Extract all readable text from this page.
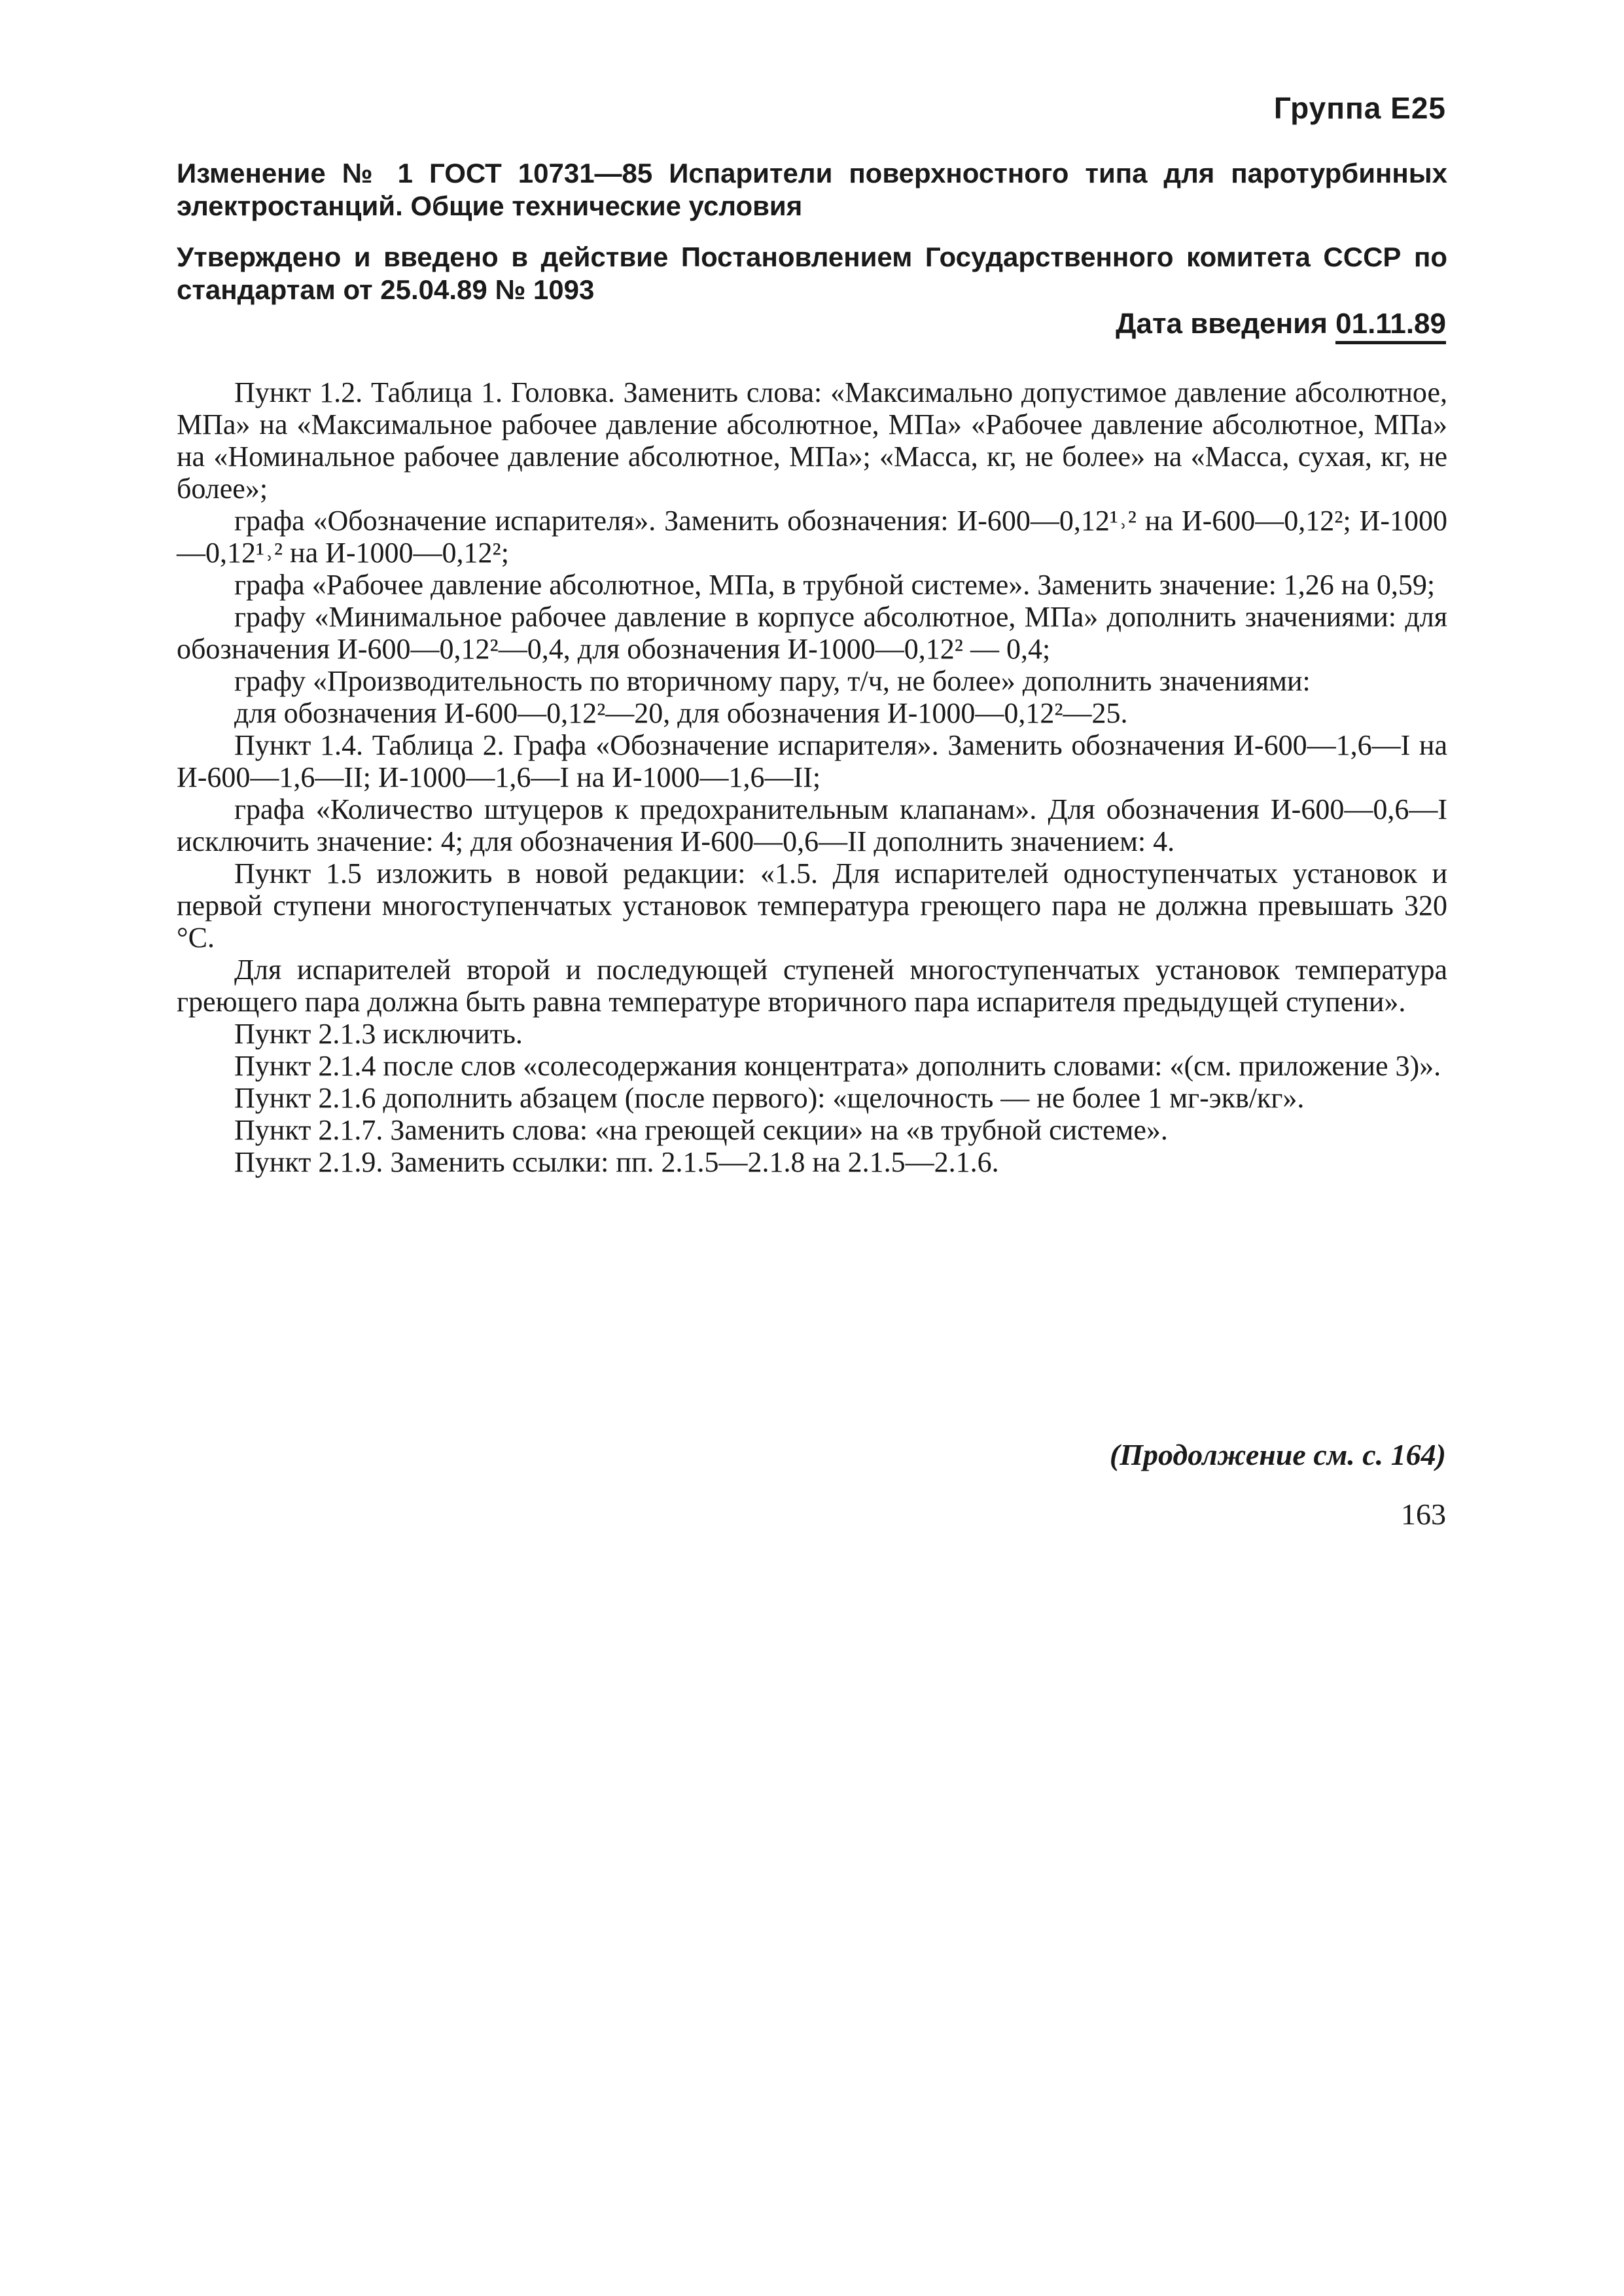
Группа Е25
Изменение № 1 ГОСТ 10731—85 Испарители поверхностного типа для паротурбинных электростанций. Общие технические условия
Утверждено и введено в действие Постановлением Государственного комитета СССР по стандартам от 25.04.89 № 1093
Дата введения 01.11.89

Пункт 1.2. Таблица 1. Головка. Заменить слова: «Максимально допустимое давление абсолютное, МПа» на «Максимальное рабочее давление абсолютное, МПа» «Рабочее давление абсолютное, МПа» на «Номинальное рабочее давление абсолютное, МПа»; «Масса, кг, не более» на «Масса, сухая, кг, не более»;

графа «Обозначение испарителя». Заменить обозначения: И-600—0,12¹˒² на И-600—0,12²; И-1000—0,12¹˒² на И-1000—0,12²;

графа «Рабочее давление абсолютное, МПа, в трубной системе». Заменить значение: 1,26 на 0,59;

графу «Минимальное рабочее давление в корпусе абсолютное, МПа» дополнить значениями: для обозначения И-600—0,12²—0,4, для обозначения И-1000—0,12² — 0,4;

графу «Производительность по вторичному пару, т/ч, не более» дополнить значениями:

для обозначения И-600—0,12²—20, для обозначения И-1000—0,12²—25.

Пункт 1.4. Таблица 2. Графа «Обозначение испарителя». Заменить обозначения И-600—1,6—I на И-600—1,6—II; И-1000—1,6—I на И-1000—1,6—II;

графа «Количество штуцеров к предохранительным клапанам». Для обозначения И-600—0,6—I исключить значение: 4; для обозначения И-600—0,6—II дополнить значением: 4.

Пункт 1.5 изложить в новой редакции: «1.5. Для испарителей одноступенчатых установок и первой ступени многоступенчатых установок температура греющего пара не должна превышать 320 °С.

Для испарителей второй и последующей ступеней многоступенчатых установок температура греющего пара должна быть равна температуре вторичного пара испарителя предыдущей ступени».

Пункт 2.1.3 исключить.

Пункт 2.1.4 после слов «солесодержания концентрата» дополнить словами: «(см. приложение 3)».

Пункт 2.1.6 дополнить абзацем (после первого): «щелочность — не более 1 мг-экв/кг».

Пункт 2.1.7. Заменить слова: «на греющей секции» на «в трубной системе».

Пункт 2.1.9. Заменить ссылки: пп. 2.1.5—2.1.8 на 2.1.5—2.1.6.

(Продолжение см. с. 164)
163
